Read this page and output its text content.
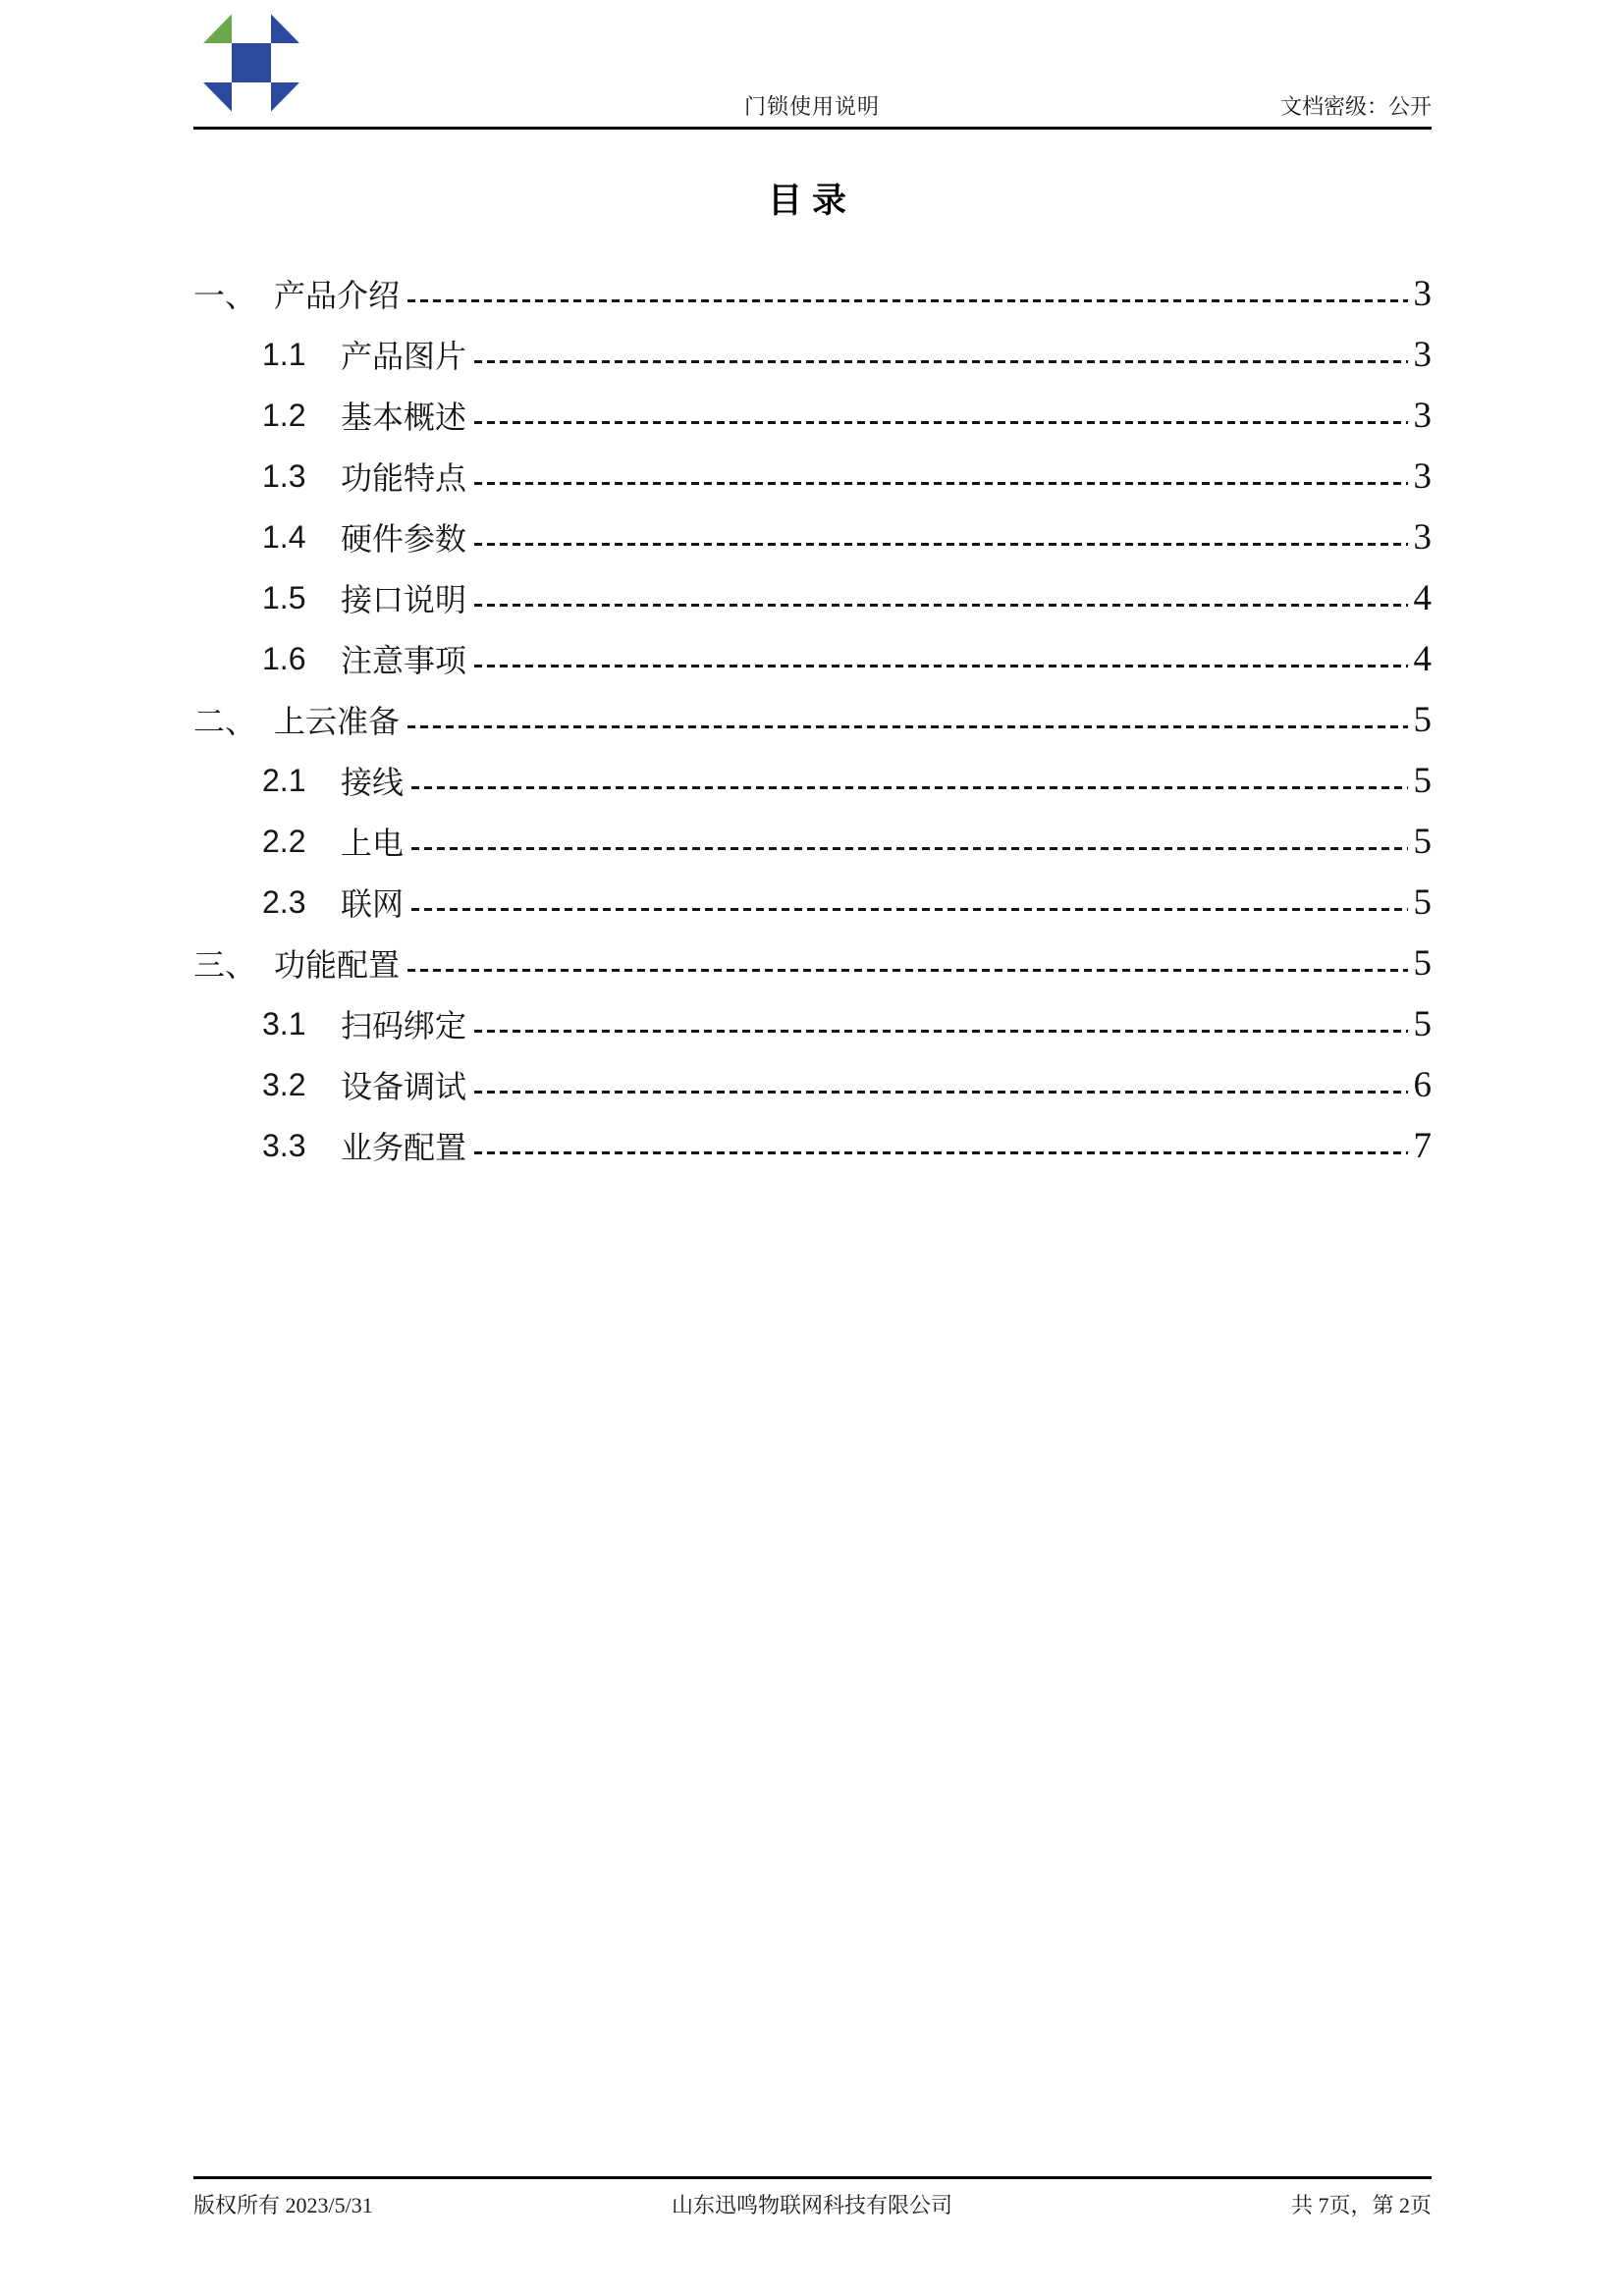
门锁使用说明	文档密级：公开
目录
一、 产品介绍	3
1.1	产品图片	3
1.2	基本概述	3
1.3	功能特点	3
1.4	硬件参数	3
1.5	接口说明	4
1.6	注意事项	4
二、 上云准备	5
2.1	接线	5
2.2	上电	5
2.3	联网	5
三、 功能配置	5
3.1	扫码绑定	5
3.2	设备调试	6
3.3	业务配置	7
版权所有 2023/5/31	山东迅鸣物联网科技有限公司	共 7页，第 2页
